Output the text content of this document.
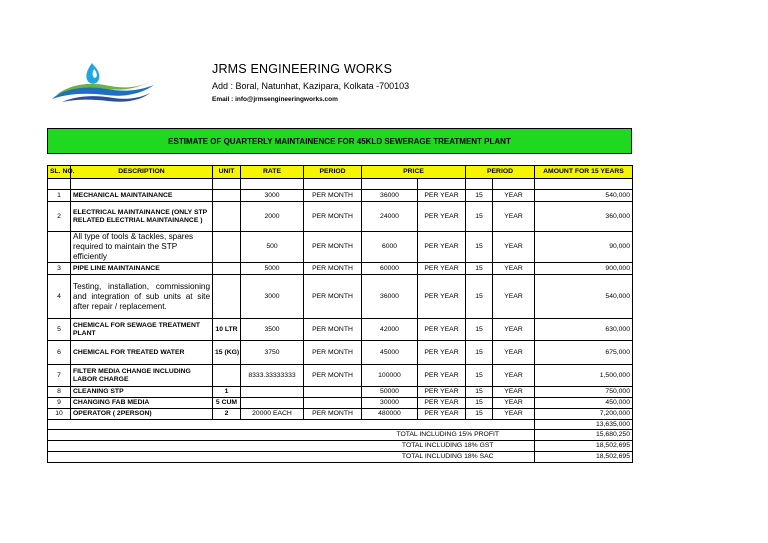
JRMS ENGINEERING WORKS
Add : Boral, Natunhat, Kazipara, Kolkata -700103
Email : info@jrmsengineeringworks.com
ESTIMATE OF QUARTERLY MAINTAINENCE FOR 45KLD SEWERAGE TREATMENT PLANT
SL. NO.	DESCRIPTION	UNIT	RATE	PERIOD	PRICE		PERIOD		AMOUNT FOR 15 YEARS

1	MECHANICAL MAINTAINANCE		3000	PER MONTH	36000	PER YEAR	15	YEAR	540,000
2	ELECTRICAL MAINTAINANCE (ONLY STP RELATED ELECTRIAL MAINTAINANCE )		2000	PER MONTH	24000	PER YEAR	15	YEAR	360,000
	All type of tools & tackles, spares required to maintain the STP efficiently		500	PER MONTH	6000	PER YEAR	15	YEAR	90,000
3	PIPE LINE MAINTAINANCE		5000	PER MONTH	60000	PER YEAR	15	YEAR	900,000
4	Testing, installation, commissioning and integration of sub units at site after repair / replacement.		3000	PER MONTH	36000	PER YEAR	15	YEAR	540,000
5	CHEMICAL FOR SEWAGE TREATMENT PLANT	10 LTR	3500	PER MONTH	42000	PER YEAR	15	YEAR	630,000
6	CHEMICAL FOR TREATED WATER	15 (KG)	3750	PER MONTH	45000	PER YEAR	15	YEAR	675,000
7	FILTER MEDIA CHANGE INCLUDING LABOR CHARGE		8333.33333333	PER MONTH	100000	PER YEAR	15	YEAR	1,500,000
8	CLEANING STP	1			50000	PER YEAR	15	YEAR	750,000
9	CHANGING FAB MEDIA	5 CUM			30000	PER YEAR	15	YEAR	450,000
10	OPERATOR ( 2PERSON)	2	20000 EACH	PER MONTH	480000	PER YEAR	15	YEAR	7,200,000
									13,635,000
					TOTAL INCLUDING 15% PROFIT				15,680,250
					TOTAL INCLUDING 18% GST				18,502,695
					TOTAL INCLUDING 18% SAC				18,502,695
